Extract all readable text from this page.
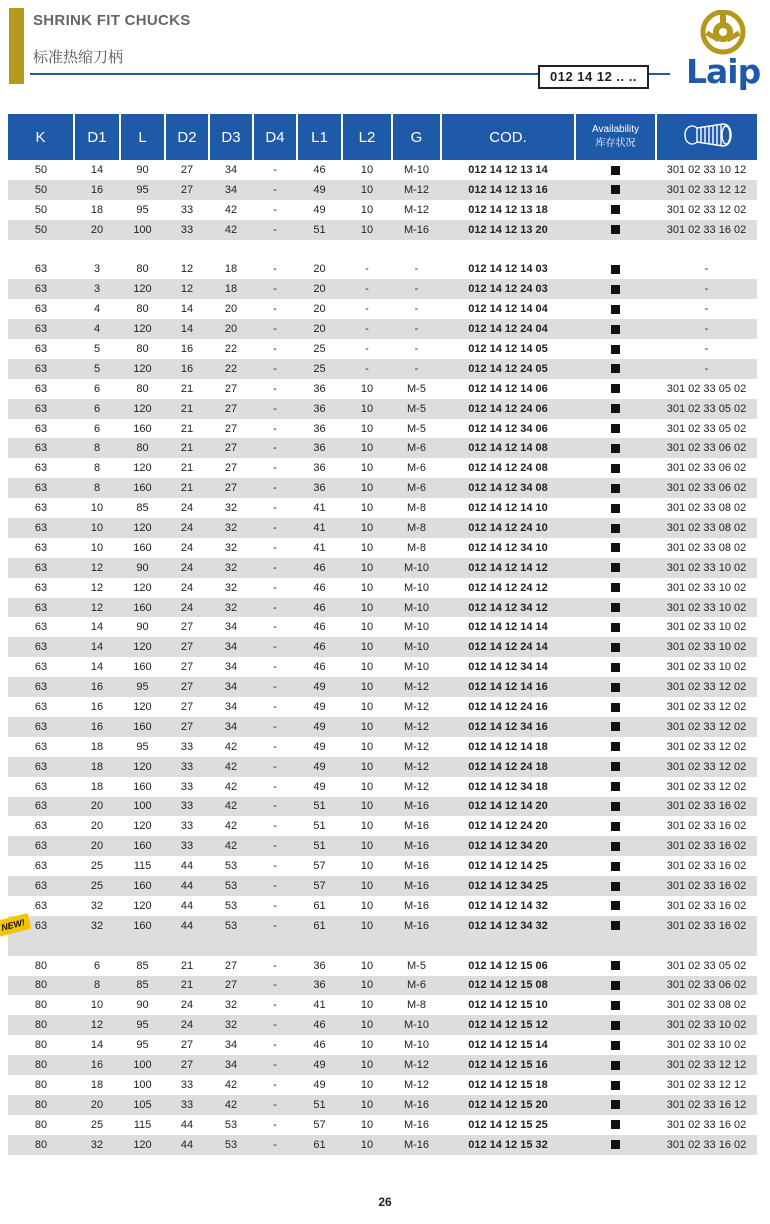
SHRINK FIT CHUCKS
标准热缩刀柄
012 14 12 .. ..	Laip
K	D1	L	D2	D3	D4	L1	L2	G	COD.	Availability
库存状况

50	14	90	27	34	-	46	10	M-10	012 14 12 13 14		301 02 33 10 12
50	16	95	27	34	-	49	10	M-12	012 14 12 13 16		301 02 33 12 12
50	18	95	33	42	-	49	10	M-12	012 14 12 13 18		301 02 33 12 02
50	20	100	33	42	-	51	10	M-16	012 14 12 13 20		301 02 33 16 02

63	3	80	12	18	-	20	-	-	012 14 12 14 03		-
63	3	120	12	18	-	20	-	-	012 14 12 24 03		-
63	4	80	14	20	-	20	-	-	012 14 12 14 04		-
63	4	120	14	20	-	20	-	-	012 14 12 24 04		-
63	5	80	16	22	-	25	-	-	012 14 12 14 05		-
63	5	120	16	22	-	25	-	-	012 14 12 24 05		-
63	6	80	21	27	-	36	10	M-5	012 14 12 14 06		301 02 33 05 02
63	6	120	21	27	-	36	10	M-5	012 14 12 24 06		301 02 33 05 02
63	6	160	21	27	-	36	10	M-5	012 14 12 34 06		301 02 33 05 02
63	8	80	21	27	-	36	10	M-6	012 14 12 14 08		301 02 33 06 02
63	8	120	21	27	-	36	10	M-6	012 14 12 24 08		301 02 33 06 02
63	8	160	21	27	-	36	10	M-6	012 14 12 34 08		301 02 33 06 02
63	10	85	24	32	-	41	10	M-8	012 14 12 14 10		301 02 33 08 02
63	10	120	24	32	-	41	10	M-8	012 14 12 24 10		301 02 33 08 02
63	10	160	24	32	-	41	10	M-8	012 14 12 34 10		301 02 33 08 02
63	12	90	24	32	-	46	10	M-10	012 14 12 14 12		301 02 33 10 02
63	12	120	24	32	-	46	10	M-10	012 14 12 24 12		301 02 33 10 02
63	12	160	24	32	-	46	10	M-10	012 14 12 34 12		301 02 33 10 02
63	14	90	27	34	-	46	10	M-10	012 14 12 14 14		301 02 33 10 02
63	14	120	27	34	-	46	10	M-10	012 14 12 24 14		301 02 33 10 02
63	14	160	27	34	-	46	10	M-10	012 14 12 34 14		301 02 33 10 02
63	16	95	27	34	-	49	10	M-12	012 14 12 14 16		301 02 33 12 02
63	16	120	27	34	-	49	10	M-12	012 14 12 24 16		301 02 33 12 02
63	16	160	27	34	-	49	10	M-12	012 14 12 34 16		301 02 33 12 02
63	18	95	33	42	-	49	10	M-12	012 14 12 14 18		301 02 33 12 02
63	18	120	33	42	-	49	10	M-12	012 14 12 24 18		301 02 33 12 02
63	18	160	33	42	-	49	10	M-12	012 14 12 34 18		301 02 33 12 02
63	20	100	33	42	-	51	10	M-16	012 14 12 14 20		301 02 33 16 02
63	20	120	33	42	-	51	10	M-16	012 14 12 24 20		301 02 33 16 02
63	20	160	33	42	-	51	10	M-16	012 14 12 34 20		301 02 33 16 02
63	25	115	44	53	-	57	10	M-16	012 14 12 14 25		301 02 33 16 02
63	25	160	44	53	-	57	10	M-16	012 14 12 34 25		301 02 33 16 02
63	32	120	44	53	-	61	10	M-16	012 14 12 14 32		301 02 33 16 02
63	32	160	44	53	-	61	10	M-16	012 14 12 34 32		301 02 33 16 02

80	6	85	21	27	-	36	10	M-5	012 14 12 15 06		301 02 33 05 02
80	8	85	21	27	-	36	10	M-6	012 14 12 15 08		301 02 33 06 02
80	10	90	24	32	-	41	10	M-8	012 14 12 15 10		301 02 33 08 02
80	12	95	24	32	-	46	10	M-10	012 14 12 15 12		301 02 33 10 02
80	14	95	27	34	-	46	10	M-10	012 14 12 15 14		301 02 33 10 02
80	16	100	27	34	-	49	10	M-12	012 14 12 15 16		301 02 33 12 12
80	18	100	33	42	-	49	10	M-12	012 14 12 15 18		301 02 33 12 12
80	20	105	33	42	-	51	10	M-16	012 14 12 15 20		301 02 33 16 12
80	25	115	44	53	-	57	10	M-16	012 14 12 15 25		301 02 33 16 02
80	32	120	44	53	-	61	10	M-16	012 14 12 15 32		301 02 33 16 02
NEW!
26
